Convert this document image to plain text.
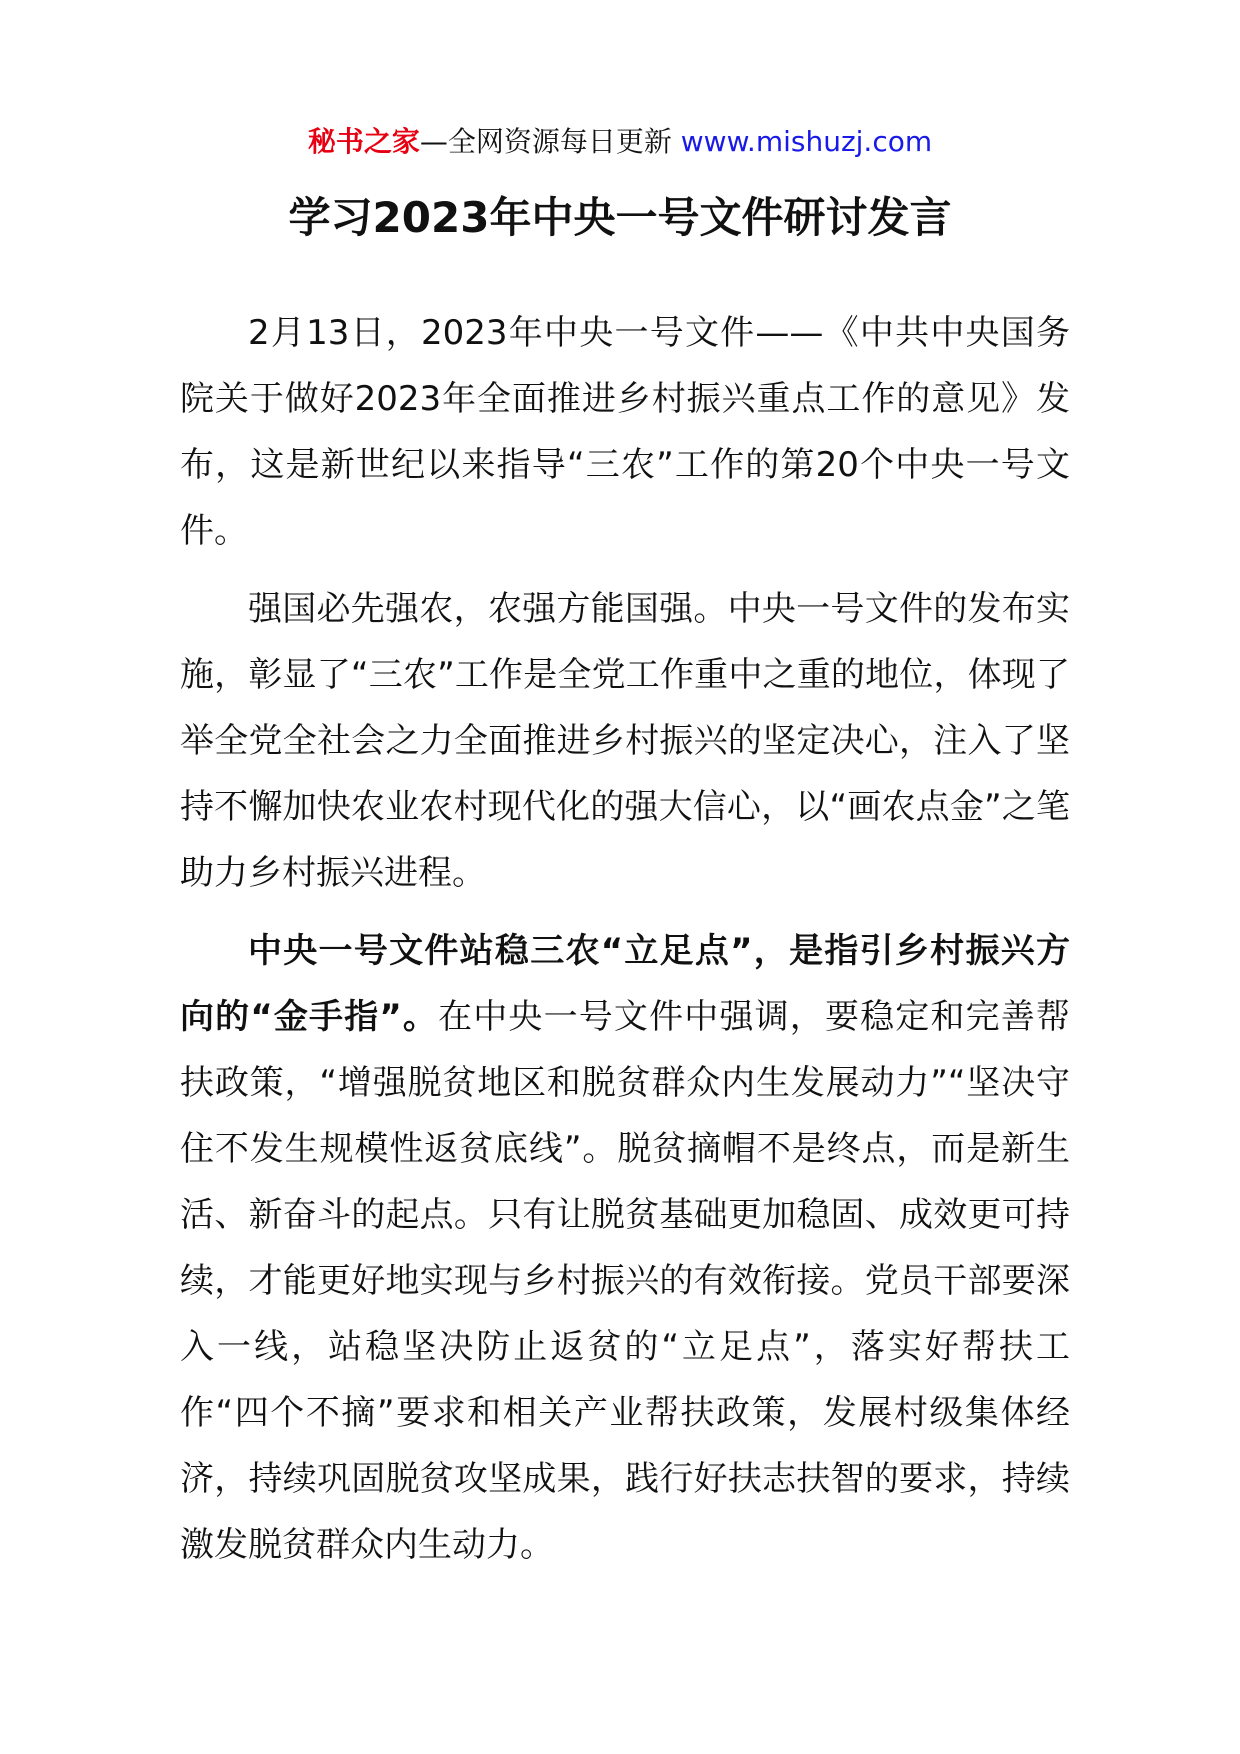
秘书之家—全网资源每日更新 www.mishuzj.com
学习2023年中央一号文件研讨发言

2月13日，2023年中央一号文件——《中共中央国务院关于做好2023年全面推进乡村振兴重点工作的意见》发布，这是新世纪以来指导“三农”工作的第20个中央一号文件。

强国必先强农，农强方能国强。中央一号文件的发布实施，彰显了“三农”工作是全党工作重中之重的地位，体现了举全党全社会之力全面推进乡村振兴的坚定决心，注入了坚持不懈加快农业农村现代化的强大信心，以“画农点金”之笔助力乡村振兴进程。

中央一号文件站稳三农“立足点”，是指引乡村振兴方向的“金手指”。在中央一号文件中强调，要稳定和完善帮扶政策，“增强脱贫地区和脱贫群众内生发展动力”“坚决守住不发生规模性返贫底线”。脱贫摘帽不是终点，而是新生活、新奋斗的起点。只有让脱贫基础更加稳固、成效更可持续，才能更好地实现与乡村振兴的有效衔接。党员干部要深入一线，站稳坚决防止返贫的“立足点”，落实好帮扶工作“四个不摘”要求和相关产业帮扶政策，发展村级集体经济，持续巩固脱贫攻坚成果，践行好扶志扶智的要求，持续激发脱贫群众内生动力。
